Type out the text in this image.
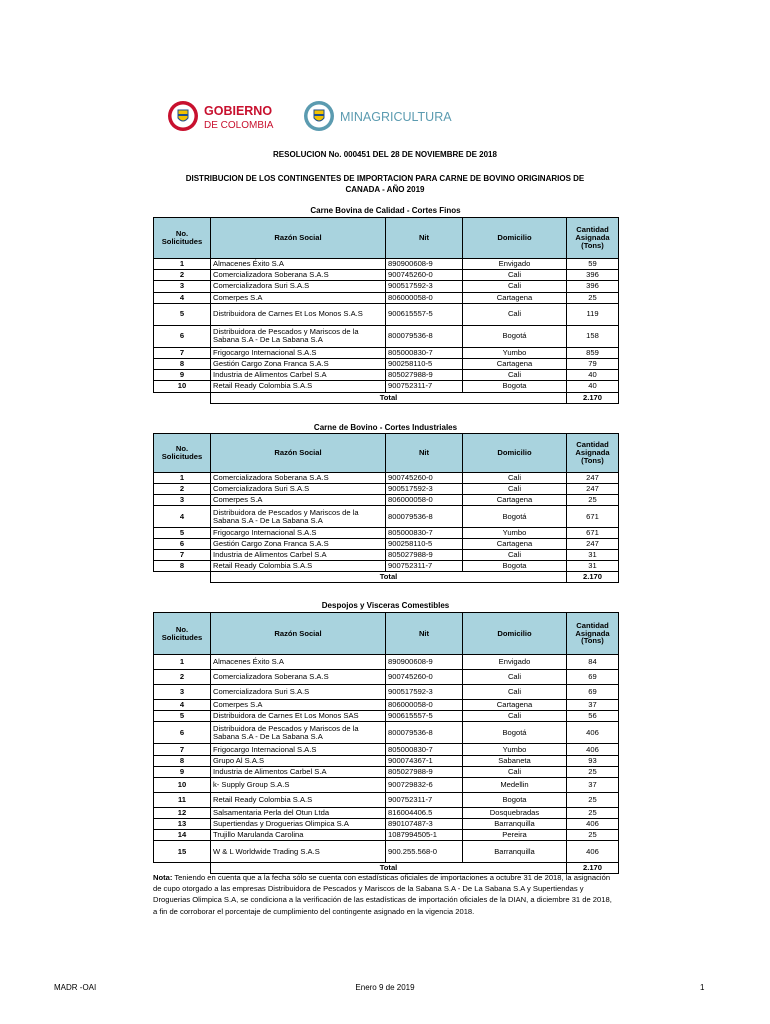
GOBIERNO
DE COLOMBIA
MINAGRICULTURA
RESOLUCION No. 000451 DEL 28 DE NOVIEMBRE DE 2018
DISTRIBUCION DE LOS CONTINGENTES DE IMPORTACION PARA CARNE DE BOVINO ORIGINARIOS DE
CANADA - AÑO 2019
Carne Bovina de Calidad - Cortes Finos
No.
Solicitudes	Razón Social	Nit	Domicilio	Cantidad
Asignada
(Tons)
1	Almacenes Éxito S.A	890900608-9	Envigado	59
2	Comercializadora Soberana S.A.S	900745260-0	Cali	396
3	Comercializadora Suri S.A.S	900517592-3	Cali	396
4	Comerpes S.A	806000058-0	Cartagena	25
5	Distribuidora de Carnes Et Los Monos S.A.S	900615557-5	Cali	119
6	Distribuidora de Pescados y Mariscos de la Sabana S.A - De La Sabana S.A	800079536-8	Bogotá	158
7	Frigocargo Internacional S.A.S	805000830-7	Yumbo	859
8	Gestión Cargo Zona Franca S.A.S	900258110-5	Cartagena	79
9	Industria de Alimentos Carbel S.A	805027988-9	Cali	40
10	Retail Ready Colombia S.A.S	900752311-7	Bogota	40
	Total			2.170
Carne de Bovino - Cortes Industriales
No.
Solicitudes	Razón Social	Nit	Domicilio	Cantidad
Asignada
(Tons)
1	Comercializadora Soberana S.A.S	900745260-0	Cali	247
2	Comercializadora Suri S.A.S	900517592-3	Cali	247
3	Comerpes S.A	806000058-0	Cartagena	25
4	Distribuidora de Pescados y Mariscos de la Sabana S.A - De La Sabana S.A	800079536-8	Bogotá	671
5	Frigocargo Internacional S.A.S	805000830-7	Yumbo	671
6	Gestión Cargo Zona Franca S.A.S	900258110-5	Cartagena	247
7	Industria de Alimentos Carbel S.A	805027988-9	Cali	31
8	Retail Ready Colombia S.A.S	900752311-7	Bogota	31
	Total			2.170
Despojos y Visceras Comestibles
No.
Solicitudes	Razón Social	Nit	Domicilio	Cantidad
Asignada
(Tons)
1	Almacenes Éxito S.A	890900608-9	Envigado	84
2	Comercializadora Soberana S.A.S	900745260-0	Cali	69
3	Comercializadora Suri S.A.S	900517592-3	Cali	69
4	Comerpes S.A	806000058-0	Cartagena	37
5	Distribuidora de Carnes Et Los Monos SAS	900615557-5	Cali	56
6	Distribuidora de Pescados y Mariscos de la Sabana S.A - De La Sabana S.A	800079536-8	Bogotá	406
7	Frigocargo Internacional S.A.S	805000830-7	Yumbo	406
8	Grupo Al S.A.S	900074367-1	Sabaneta	93
9	Industria de Alimentos Carbel S.A	805027988-9	Cali	25
10	k- Supply Group S.A.S	900729832-6	Medellin	37
11	Retail Ready Colombia S.A.S	900752311-7	Bogota	25
12	Salsamentaria Perla del Otun Ltda	816004406.5	Dosquebradas	25
13	Supertiendas y Droguerias Olimpica S.A	890107487-3	Barranquilla	406
14	Trujillo Marulanda Carolina	1087994505-1	Pereira	25
15	W & L Worldwide Trading S.A.S	900.255.568-0	Barranquilla	406
	Total			2.170
Nota: Teniendo en cuenta que a la fecha sólo se cuenta con estadísticas oficiales de importaciones a octubre 31 de 2018, la asignación de cupo otorgado a las empresas Distribuidora de Pescados y Mariscos de la Sabana S.A - De La Sabana S.A y Supertiendas y Droguerias Olimpica S.A, se condiciona a la verificación de las estadísticas de importación oficiales de la DIAN, a diciembre 31 de 2018, a fin de corroborar el porcentaje de cumplimiento del contingente asignado en la vigencia 2018.
MADR -OAI	Enero 9 de 2019	1
